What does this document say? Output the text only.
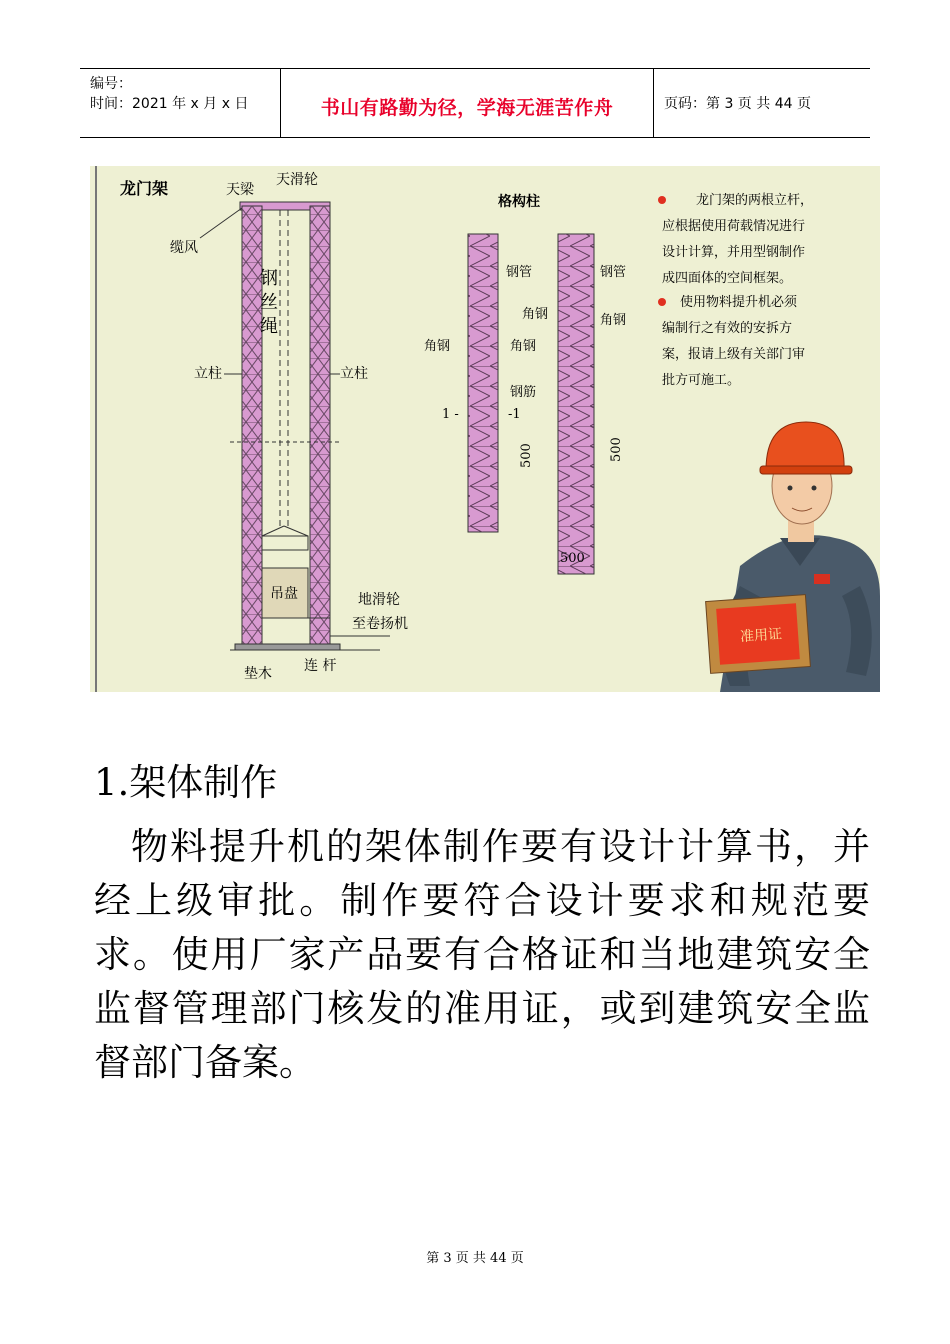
编号：
时间：2021 年 x 月 x 日	书山有路勤为径，学海无涯苦作舟	页码：第 3 页 共 44 页
龙门架
吊盘
天梁
天滑轮
缆风
钢
丝
绳
立柱	立柱
地滑轮
至卷扬机
垫木 连 杆
格构柱
钢管
角钢	角钢
钢筋
1 -	-1
500
钢管
角钢	角钢
500
500
龙门架的两根立杆，
应根据使用荷载情况进行
设计计算，并用型钢制作
成四面体的空间框架。
使用物料提升机必须
编制行之有效的安拆方
案，报请上级有关部门审
批方可施工。
准用证
1.架体制作
物料提升机的架体制作要有设计计算书，并经上级审批。制作要符合设计要求和规范要求。使用厂家产品要有合格证和当地建筑安全监督管理部门核发的准用证，或到建筑安全监督部门备案。
第 3 页 共 44 页
